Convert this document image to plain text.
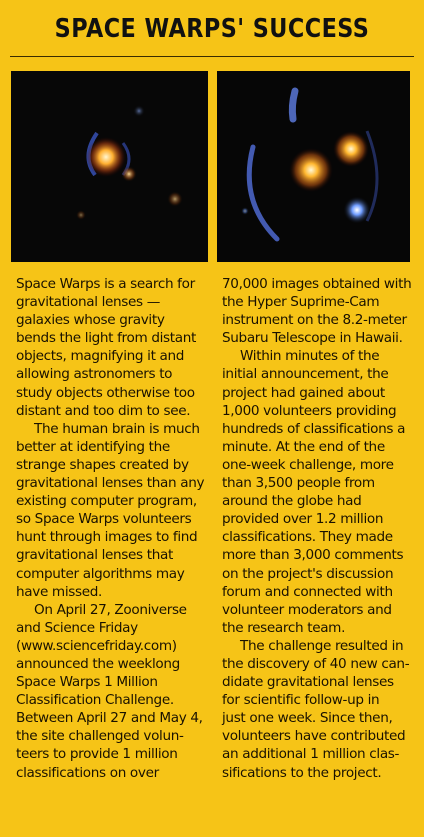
SPACE WARPS' SUCCESS

Space Warps is a search for

gravitational lenses —

galaxies whose gravity

bends the light from distant

objects, magnifying it and

allowing astronomers to

study objects otherwise too

distant and too dim to see.

The human brain is much

better at identifying the

strange shapes created by

gravitational lenses than any

existing computer program,

so Space Warps volunteers

hunt through images to find

gravitational lenses that

computer algorithms may

have missed.

On April 27, Zooniverse

and Science Friday

(www.sciencefriday.com)

announced the weeklong

Space Warps 1 Million

Classification Challenge.

Between April 27 and May 4,

the site challenged volun-

teers to provide 1 million

classifications on over

70,000 images obtained with

the Hyper Suprime-Cam

instrument on the 8.2-meter

Subaru Telescope in Hawaii.

Within minutes of the

initial announcement, the

project had gained about

1,000 volunteers providing

hundreds of classifications a

minute. At the end of the

one-week challenge, more

than 3,500 people from

around the globe had

provided over 1.2 million

classifications. They made

more than 3,000 comments

on the project's discussion

forum and connected with

volunteer moderators and

the research team.

The challenge resulted in

the discovery of 40 new can-

didate gravitational lenses

for scientific follow-up in

just one week. Since then,

volunteers have contributed

an additional 1 million clas-

sifications to the project.
